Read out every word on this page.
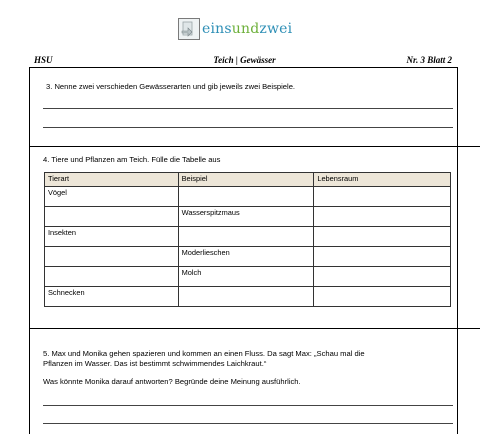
einsundzwei
HSU	Teich | Gewässer	Nr. 3 Blatt 2
3. Nenne zwei verschieden Gewässerarten und gib jeweils zwei Beispiele.
4. Tiere und Pflanzen am Teich. Fülle die Tabelle aus
Tierart	Beispiel	Lebensraum
Vögel		
	Wasserspitzmaus	
Insekten		
	Moderlieschen	
	Molch	
Schnecken		
5. Max und Monika gehen spazieren und kommen an einen Fluss. Da sagt Max: „Schau mal die
Pflanzen im Wasser. Das ist bestimmt schwimmendes Laichkraut.“
Was könnte Monika darauf antworten? Begründe deine Meinung ausführlich.
